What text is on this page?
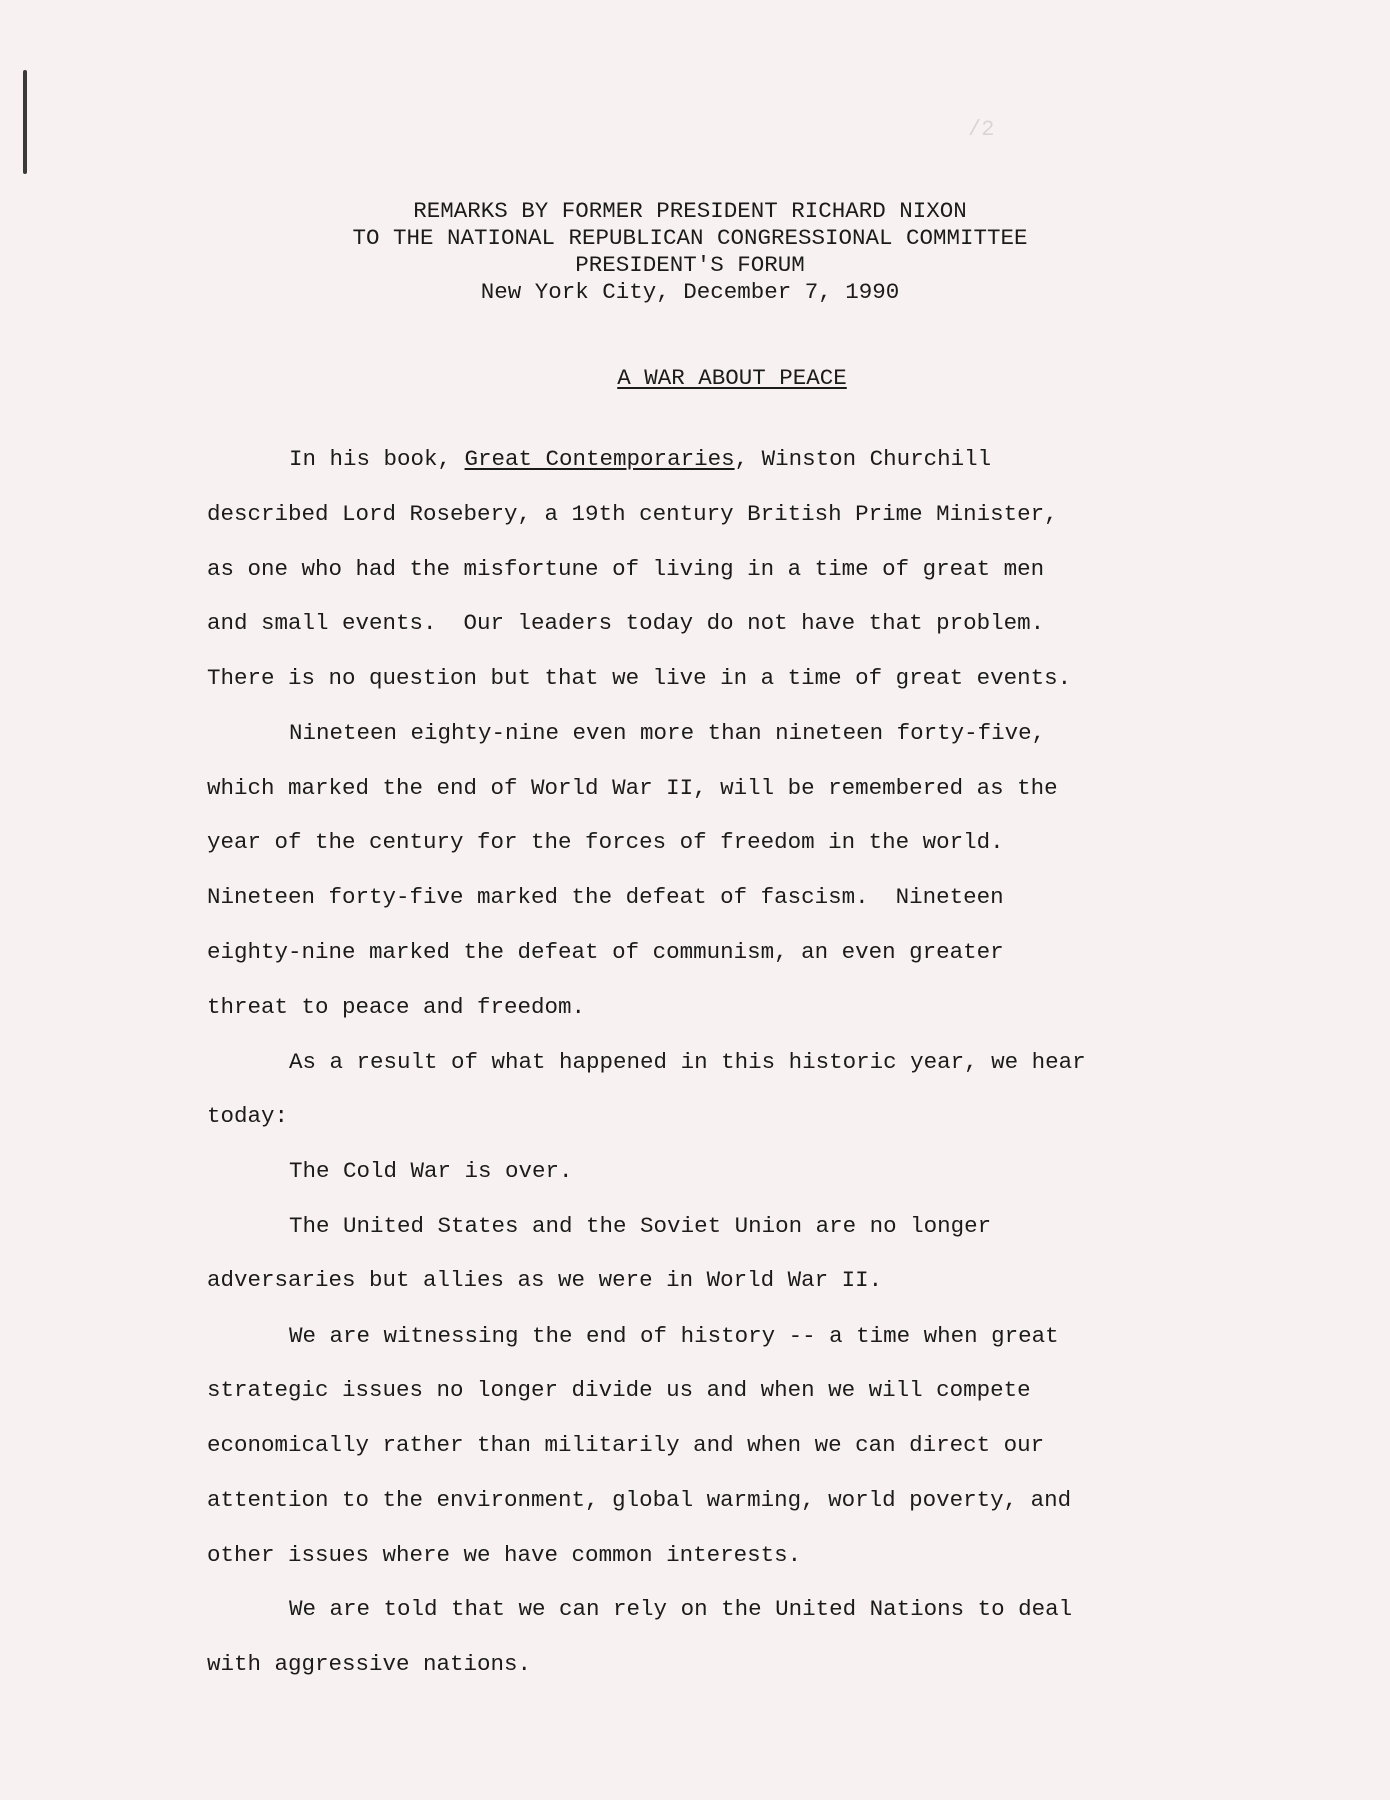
/2
REMARKS BY FORMER PRESIDENT RICHARD NIXON
TO THE NATIONAL REPUBLICAN CONGRESSIONAL COMMITTEE
PRESIDENT'S FORUM
New York City, December 7, 1990
A WAR ABOUT PEACE
In his book, Great Contemporaries, Winston Churchill
described Lord Rosebery, a 19th century British Prime Minister,
as one who had the misfortune of living in a time of great men
and small events.  Our leaders today do not have that problem.
There is no question but that we live in a time of great events.
Nineteen eighty-nine even more than nineteen forty-five,
which marked the end of World War II, will be remembered as the
year of the century for the forces of freedom in the world.
Nineteen forty-five marked the defeat of fascism.  Nineteen
eighty-nine marked the defeat of communism, an even greater
threat to peace and freedom.
As a result of what happened in this historic year, we hear
today:
The Cold War is over.
The United States and the Soviet Union are no longer
adversaries but allies as we were in World War II.
We are witnessing the end of history -- a time when great
strategic issues no longer divide us and when we will compete
economically rather than militarily and when we can direct our
attention to the environment, global warming, world poverty, and
other issues where we have common interests.
We are told that we can rely on the United Nations to deal
with aggressive nations.
